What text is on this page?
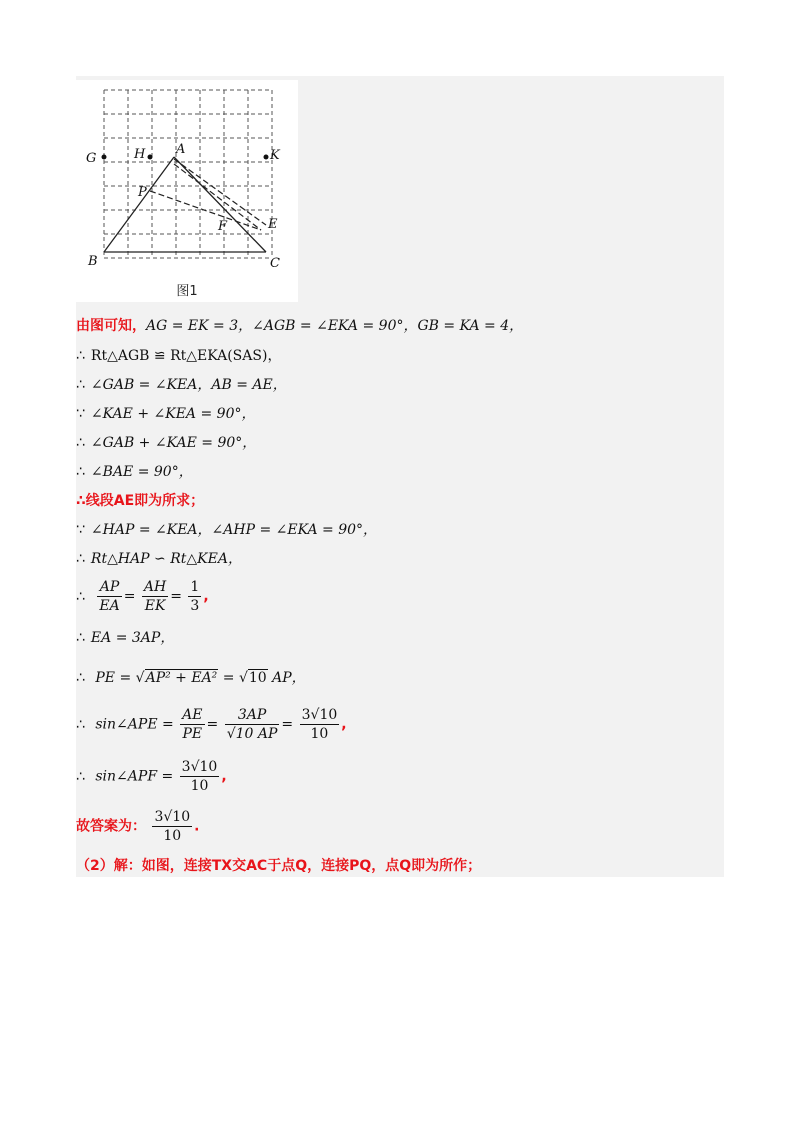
G	H A	K
P
E
F
B	C
图1
由图可知，AG = EK = 3，∠AGB = ∠EKA = 90°，GB = KA = 4，
∴ Rt△AGB ≌ Rt△EKA(SAS)，
∴ ∠GAB = ∠KEA，AB = AE，
∵ ∠KAE + ∠KEA = 90°，
∴ ∠GAB + ∠KAE = 90°，
∴ ∠BAE = 90°，
∴线段AE即为所求；
∵ ∠HAP = ∠KEA，∠AHP = ∠EKA = 90°，
∴ Rt△HAP ∽ Rt△KEA，
∴ $\frac{AP}{EA} = \frac{AH}{EK} = \frac{1}{3}$ ,
∴ EA = 3AP，
∴ PE = √AP² + EA² = √10 AP，
∴ sin∠APE = $\frac{AE}{PE} = \frac{3AP}{√10 AP} = \frac{3√10}{10}$ ,
∴ sin∠APF = $\frac{3√10}{10}$ ,
故答案为： $\frac{3√10}{10}$ .
（2）解：如图，连接TX交AC于点Q，连接PQ，点Q即为所作；
